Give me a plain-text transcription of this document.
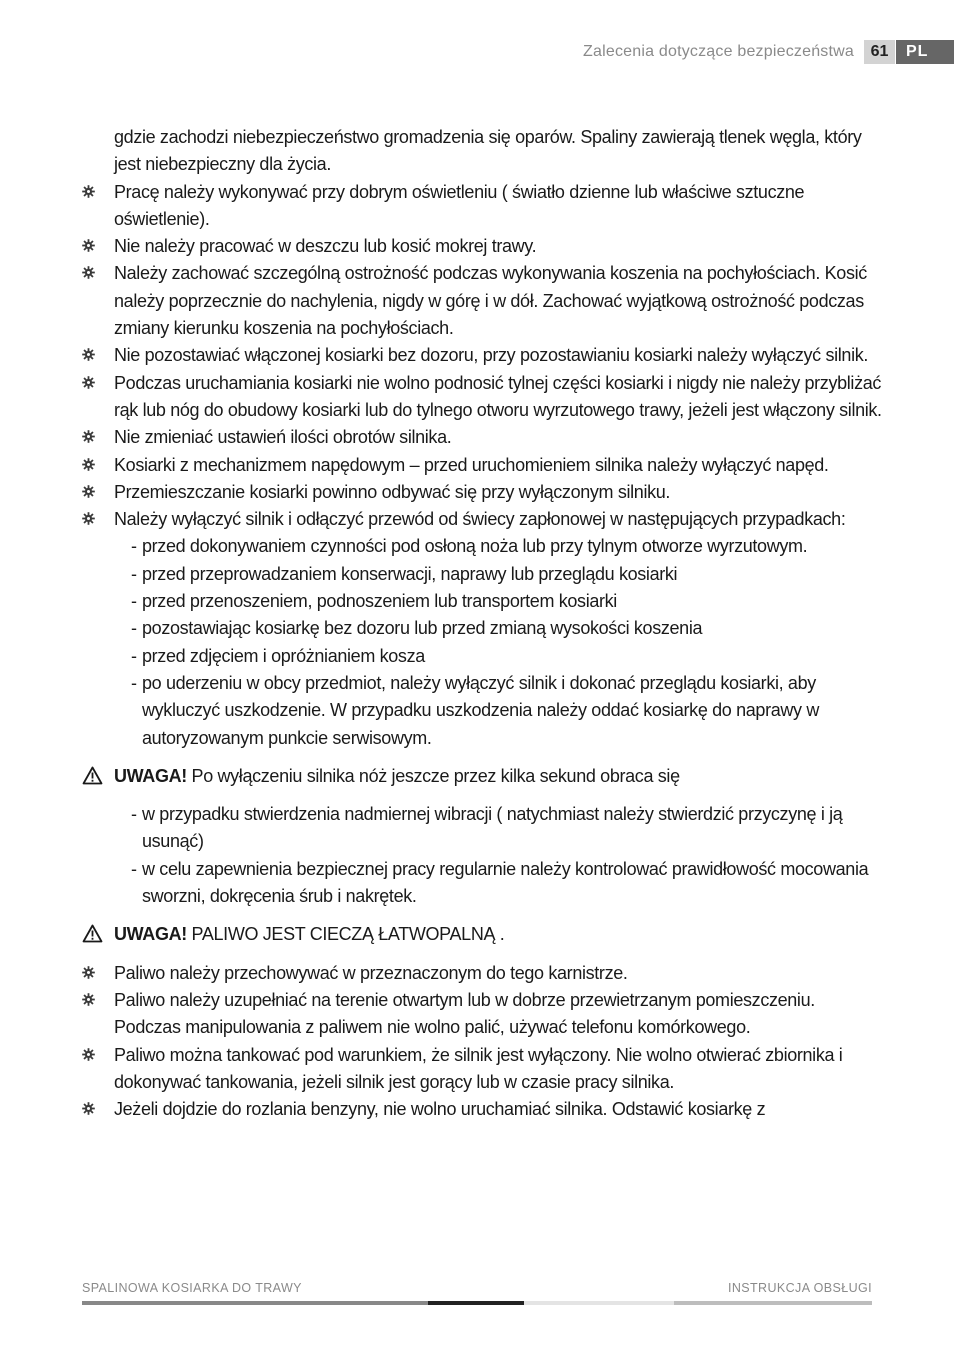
Zalecenia dotyczące bezpieczeństwa	61	PL
gdzie zachodzi niebezpieczeństwo gromadzenia się oparów. Spaliny zawierają tlenek węgla, który jest niebezpieczny dla życia.
Pracę należy wykonywać przy dobrym oświetleniu ( światło dzienne lub właściwe sztuczne oświetlenie).
Nie należy pracować w deszczu lub kosić mokrej trawy.
Należy zachować szczególną ostrożność podczas wykonywania koszenia na pochyłościach. Kosić należy poprzecznie do nachylenia, nigdy w górę i w dół. Zachować wyjątkową ostrożność podczas zmiany kierunku koszenia na pochyłościach.
Nie pozostawiać włączonej kosiarki bez dozoru, przy pozostawianiu kosiarki należy wyłączyć silnik.
Podczas uruchamiania kosiarki nie wolno podnosić tylnej części kosiarki i nigdy nie należy przybliżać rąk lub nóg do obudowy kosiarki lub do tylnego otworu wyrzutowego trawy, jeżeli jest włączony silnik.
Nie zmieniać ustawień ilości obrotów silnika.
Kosiarki z mechanizmem napędowym – przed uruchomieniem silnika należy wyłączyć napęd.
Przemieszczanie kosiarki powinno odbywać się przy wyłączonym silniku.
Należy wyłączyć silnik i odłączyć przewód od świecy zapłonowej w następujących przypadkach:
- przed dokonywaniem czynności pod osłoną noża lub przy tylnym otworze wyrzutowym.
- przed przeprowadzaniem konserwacji, naprawy lub przeglądu kosiarki
- przed przenoszeniem, podnoszeniem lub transportem kosiarki
- pozostawiając kosiarkę bez dozoru lub przed zmianą wysokości koszenia
- przed zdjęciem i opróżnianiem kosza
- po uderzeniu w obcy przedmiot, należy wyłączyć silnik i dokonać przeglądu kosiarki, aby wykluczyć uszkodzenie. W przypadku uszkodzenia należy oddać kosiarkę do naprawy w autoryzowanym punkcie serwisowym.
UWAGA! Po wyłączeniu silnika nóż jeszcze przez kilka sekund obraca się
- w przypadku stwierdzenia nadmiernej wibracji ( natychmiast należy stwierdzić przyczynę i ją usunąć)
- w celu zapewnienia bezpiecznej pracy regularnie należy kontrolować prawidłowość mocowania sworzni, dokręcenia śrub i nakrętek.
UWAGA! PALIWO JEST CIECZĄ ŁATWOPALNĄ .
Paliwo należy przechowywać w przeznaczonym do tego karnistrze.
Paliwo należy uzupełniać na terenie otwartym lub w dobrze przewietrzanym pomieszczeniu. Podczas manipulowania z paliwem nie wolno palić, używać telefonu komórkowego.
Paliwo można tankować pod warunkiem, że silnik jest wyłączony. Nie wolno otwierać zbiornika i dokonywać tankowania, jeżeli silnik jest gorący lub w czasie pracy silnika.
Jeżeli dojdzie do rozlania benzyny, nie wolno uruchamiać silnika. Odstawić kosiarkę z
SPALINOWA KOSIARKA DO TRAWY	INSTRUKCJA OBSŁUGI
